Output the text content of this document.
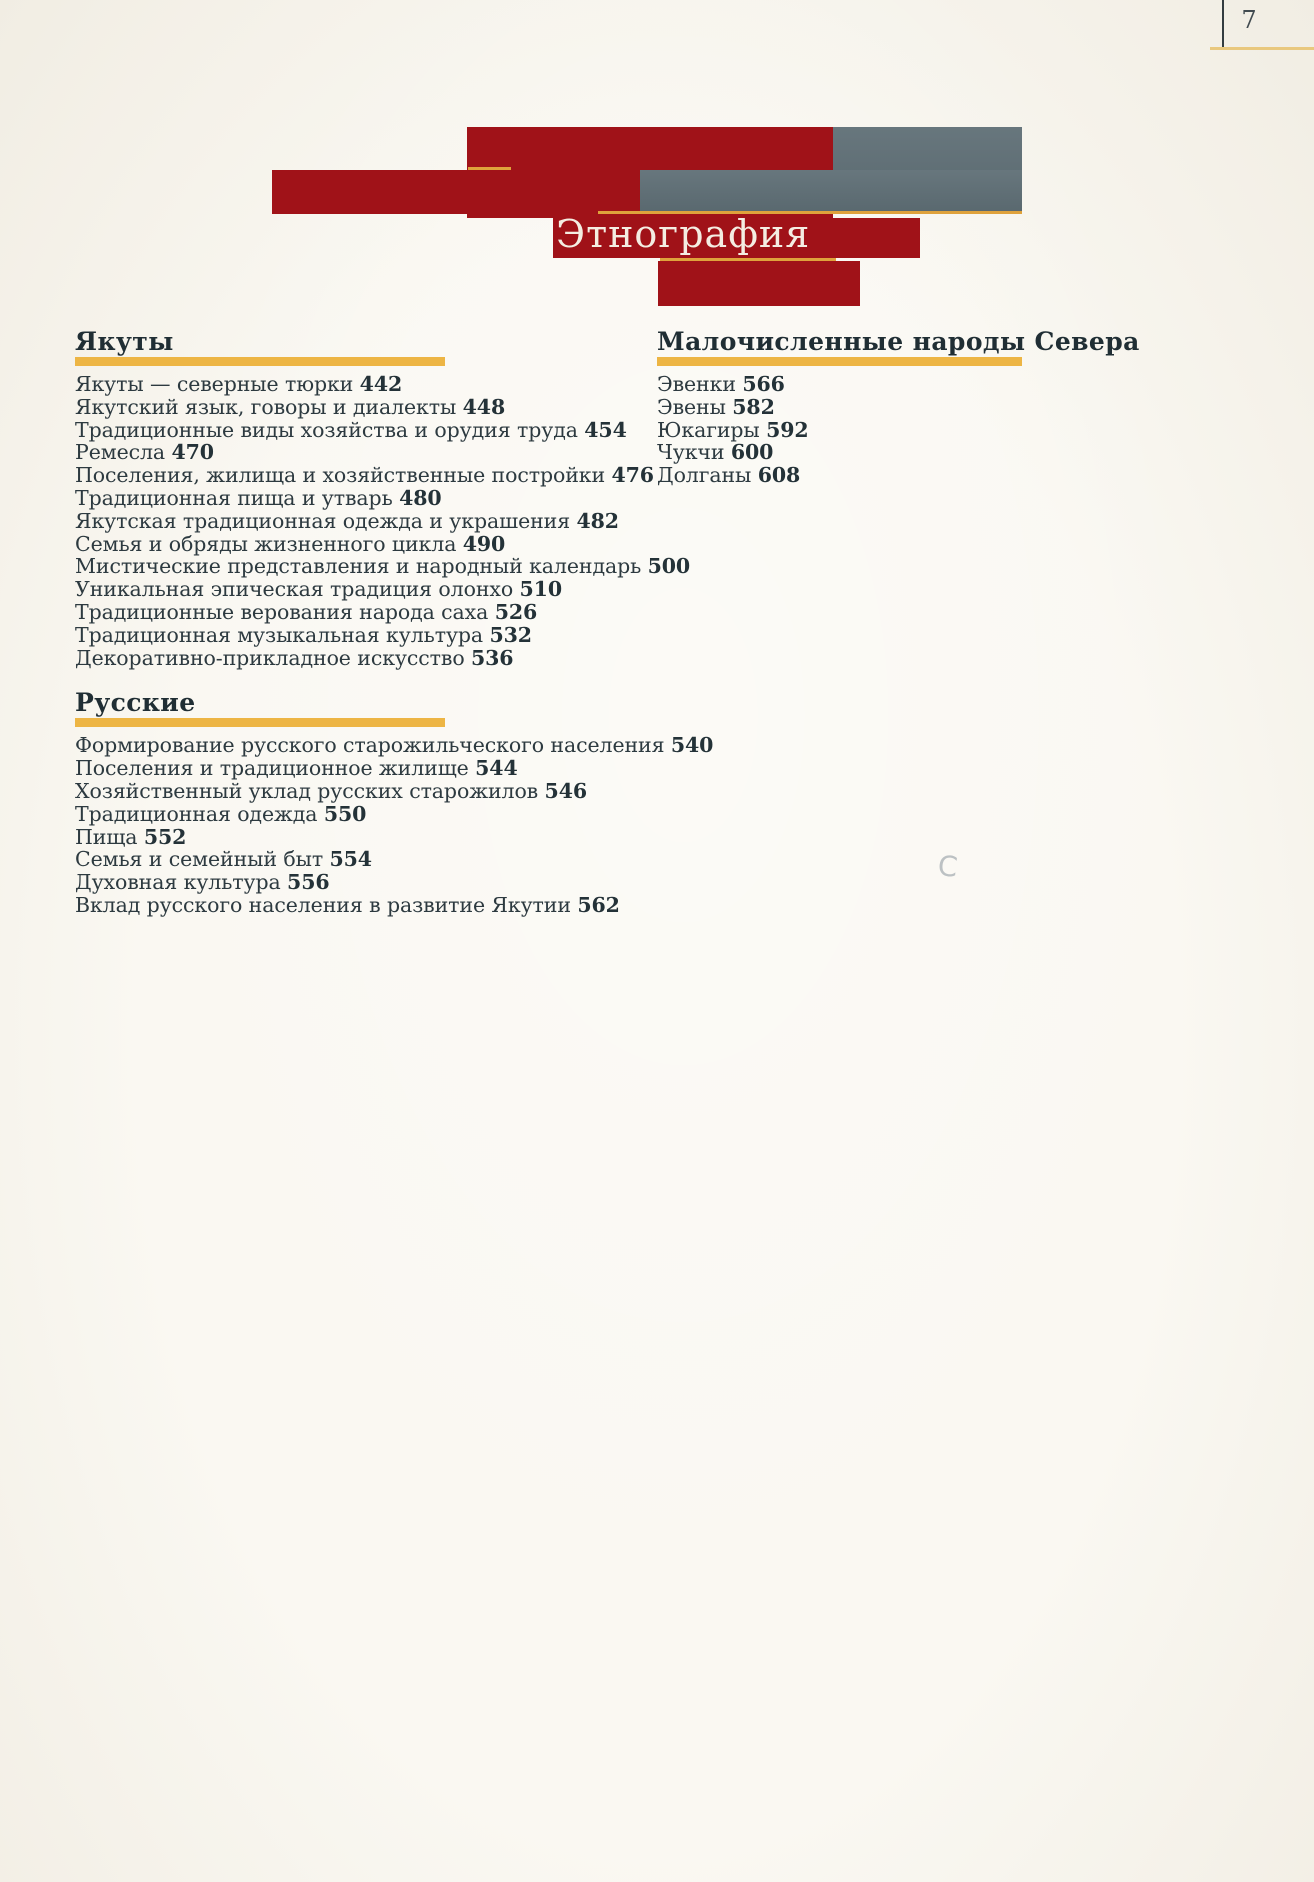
7
Этнография
Якуты
Якуты — северные тюрки 442
Якутский язык, говоры и диалекты 448
Традиционные виды хозяйства и орудия труда 454
Ремесла 470
Поселения, жилища и хозяйственные постройки 476
Традиционная пища и утварь 480
Якутская традиционная одежда и украшения 482
Семья и обряды жизненного цикла 490
Мистические представления и народный календарь 500
Уникальная эпическая традиция олонхо 510
Традиционные верования народа саха 526
Традиционная музыкальная культура 532
Декоративно-прикладное искусство 536
Русские
Формирование русского старожильческого населения 540
Поселения и традиционное жилище 544
Хозяйственный уклад русских старожилов 546
Традиционная одежда 550
Пища 552
Семья и семейный быт 554
Духовная культура 556
Вклад русского населения в развитие Якутии 562
Малочисленные народы Севера
Эвенки 566
Эвены 582
Юкагиры 592
Чукчи 600
Долганы 608
C
